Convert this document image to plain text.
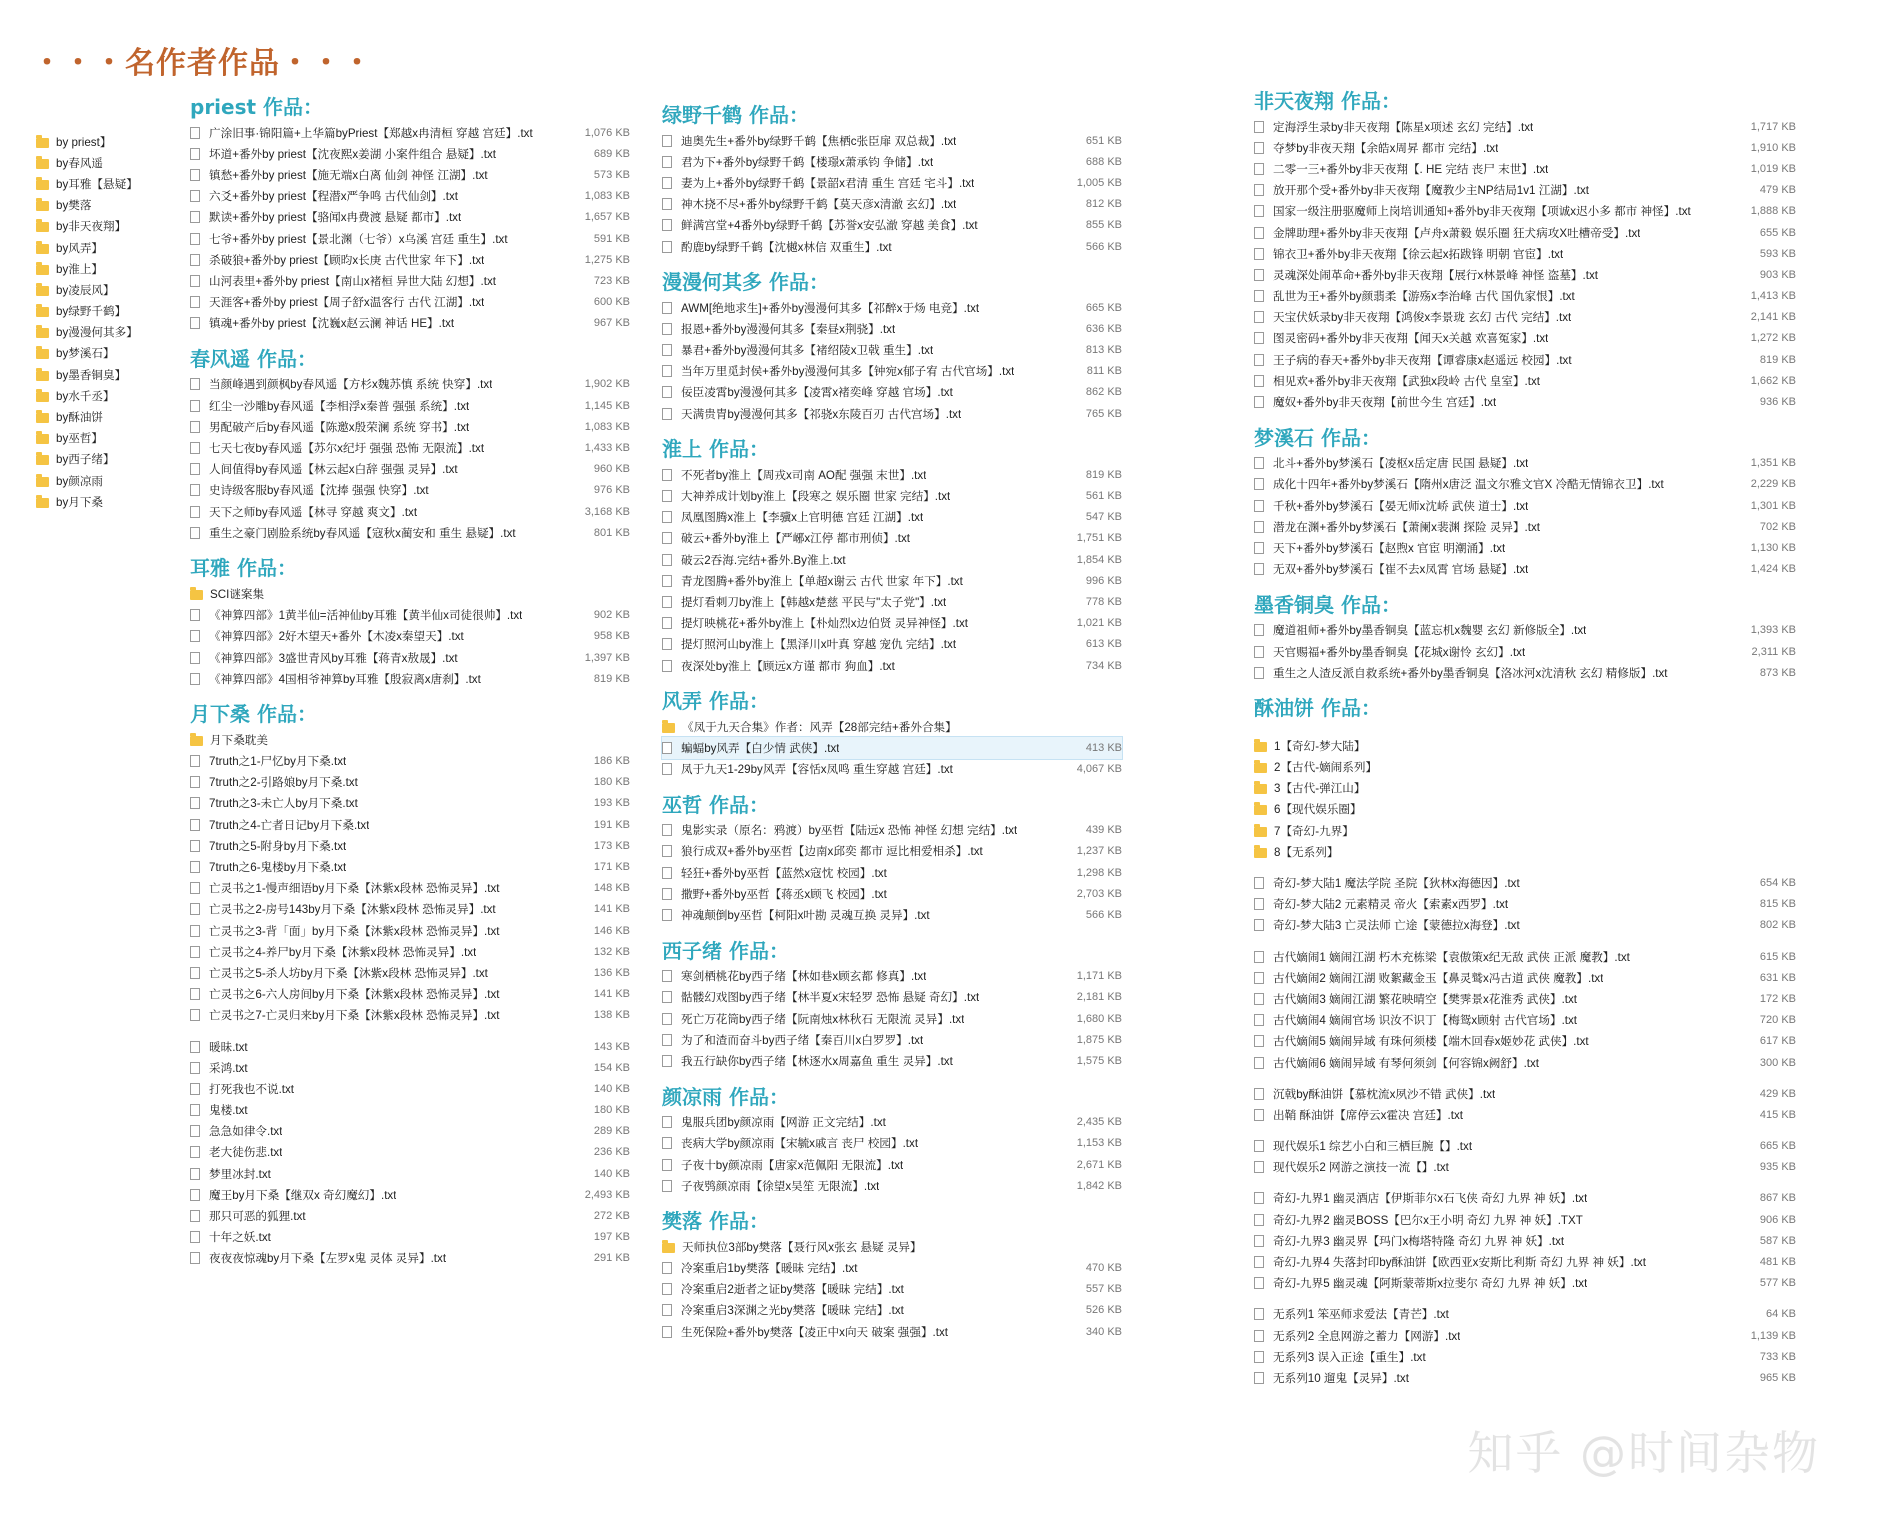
・・・名作者作品・・・
by priest】
by春风遥
by耳雅【悬疑】
by樊落
by非天夜翔】
by风弄】
by淮上】
by凌辰风】
by绿野千鹤】
by漫漫何其多】
by梦溪石】
by墨香铜臭】
by水千丞】
by酥油饼
by巫哲】
by西子绪】
by颜凉雨
by月下桑
priest 作品：
广涂旧事·锦阳篇+上华篇byPriest【郑越x冉清桓 穿越 宫廷】.txt	1,076 KB
坏道+番外by priest【沈夜熙x姜湖 小案件组合 悬疑】.txt	689 KB
镇愁+番外by priest【施无端x白离 仙剑 神怪 江湖】.txt	573 KB
六爻+番外by priest【程潜x严争鸣 古代仙剑】.txt	1,083 KB
默读+番外by priest【骆闻x冉费渡 悬疑 都市】.txt	1,657 KB
七爷+番外by priest【景北渊（七爷）x乌溪 宫廷 重生】.txt	591 KB
杀破狼+番外by priest【顾昀x长庚 古代世家 年下】.txt	1,275 KB
山河表里+番外by priest【南山x褚桓 异世大陆 幻想】.txt	723 KB
天涯客+番外by priest【周子舒x温客行 古代 江湖】.txt	600 KB
镇魂+番外by priest【沈巍x赵云澜 神话 HE】.txt	967 KB
春风遥 作品：
当颜峰遇到颜枫by春风遥【方杉x魏苏慎 系统 快穿】.txt	1,902 KB
红尘一沙雕by春风遥【李相浮x秦普 强强 系统】.txt	1,145 KB
男配破产后by春风遥【陈邀x殷荣澜 系统 穿书】.txt	1,083 KB
七天七夜by春风遥【苏尔x纪圩 强强 恐怖 无限流】.txt	1,433 KB
人间值得by春风遥【林云起x白辞 强强 灵异】.txt	960 KB
史诗级客服by春风遥【沈捧 强强 快穿】.txt	976 KB
天下之师by春风遥【林寻 穿越 爽文】.txt	3,168 KB
重生之豪门剧脸系统by春风遥【寇秋x蔺安和 重生 悬疑】.txt	801 KB
耳雅 作品：
SCI谜案集
《神算四部》1黄半仙=活神仙by耳雅【黄半仙x司徒很帅】.txt	902 KB
《神算四部》2好木望天+番外【木凌x秦望天】.txt	958 KB
《神算四部》3盛世青风by耳雅【蒋青x敖晟】.txt	1,397 KB
《神算四部》4国相爷神算by耳雅【殷寂离x唐刹】.txt	819 KB
月下桑 作品：
月下桑耽美
7truth之1-尸忆by月下桑.txt	186 KB
7truth之2-引路娘by月下桑.txt	180 KB
7truth之3-未亡人by月下桑.txt	193 KB
7truth之4-亡者日记by月下桑.txt	191 KB
7truth之5-附身by月下桑.txt	173 KB
7truth之6-鬼楼by月下桑.txt	171 KB
亡灵书之1-慢声细语by月下桑【沐紫x段林 恐怖灵异】.txt	148 KB
亡灵书之2-房号143by月下桑【沐紫x段林 恐怖灵异】.txt	141 KB
亡灵书之3-背「面」by月下桑【沐紫x段林 恐怖灵异】.txt	146 KB
亡灵书之4-养尸by月下桑【沐紫x段林 恐怖灵异】.txt	132 KB
亡灵书之5-杀人坊by月下桑【沐紫x段林 恐怖灵异】.txt	136 KB
亡灵书之6-六人房间by月下桑【沐紫x段林 恐怖灵异】.txt	141 KB
亡灵书之7-亡灵归来by月下桑【沐紫x段林 恐怖灵异】.txt	138 KB
暖昧.txt	143 KB
采鸿.txt	154 KB
打死我也不说.txt	140 KB
鬼楼.txt	180 KB
急急如律令.txt	289 KB
老大徒伤悲.txt	236 KB
梦里冰封.txt	140 KB
魔王by月下桑【继双x 奇幻魔幻】.txt	2,493 KB
那只可恶的狐狸.txt	272 KB
十年之妖.txt	197 KB
夜夜夜惊魂by月下桑【左罗x鬼 灵体 灵异】.txt	291 KB
绿野千鹤 作品：
迪奥先生+番外by绿野千鹤【焦栖c张臣扉 双总裁】.txt	651 KB
君为下+番外by绿野千鹤【楼璟x萧承钧 争储】.txt	688 KB
妻为上+番外by绿野千鹤【景韶x君清 重生 宫廷 宅斗】.txt	1,005 KB
神木挠不尽+番外by绿野千鹤【莫天彦x清澈 玄幻】.txt	812 KB
鲜满宫堂+4番外by绿野千鹤【苏誉x安弘澈 穿越 美食】.txt	855 KB
酌鹿by绿野千鹤【沈樾x林信 双重生】.txt	566 KB
漫漫何其多 作品：
AWM[绝地求生]+番外by漫漫何其多【祁醉x于炀 电竞】.txt	665 KB
报恩+番外by漫漫何其多【秦昼x荆骁】.txt	636 KB
暴君+番外by漫漫何其多【褚绍陵x卫戟 重生】.txt	813 KB
当年万里觅封侯+番外by漫漫何其多【钟宛x郁子宥 古代官场】.txt	811 KB
佞臣凌霄by漫漫何其多【凌霄x褚奕峰 穿越 官场】.txt	862 KB
天满贵胄by漫漫何其多【祁骁x东陵百刃 古代宫场】.txt	765 KB
淮上 作品：
不死者by淮上【周戎x司南 AO配 强强 末世】.txt	819 KB
大神养成计划by淮上【段寒之 娱乐圈 世家 完结】.txt	561 KB
凤凰图腾x淮上【李骥x上官明德 宫廷 江湖】.txt	547 KB
破云+番外by淮上【严峫x江停 都市刑侦】.txt	1,751 KB
破云2吞海.完结+番外.By淮上.txt	1,854 KB
青龙图腾+番外by淮上【单超x谢云 古代 世家 年下】.txt	996 KB
提灯看刺刀by淮上【韩越x楚慈 平民与"太子党"】.txt	778 KB
提灯映桃花+番外by淮上【朴灿烈x边伯贤 灵异神怪】.txt	1,021 KB
提灯照河山by淮上【黑泽川x叶真 穿越 宠仇 完结】.txt	613 KB
夜深处by淮上【顾远x方谨 都市 狗血】.txt	734 KB
风弄 作品：
《凤于九天合集》作者：风弄【28部完结+番外合集】
蝙蝠by风弄【白少情 武侠】.txt	413 KB
凤于九天1-29by风弄【容恬x凤鸣 重生穿越 宫廷】.txt	4,067 KB
巫哲 作品：
鬼影实录（原名：鸦渡）by巫哲【陆远x 恐怖 神怪 幻想 完结】.txt	439 KB
狼行成双+番外by巫哲【边南x邱奕 都市 逗比相爱相杀】.txt	1,237 KB
轻狂+番外by巫哲【蓝然x寇忱 校园】.txt	1,298 KB
撒野+番外by巫哲【蒋丞x顾飞 校园】.txt	2,703 KB
神魂颠倒by巫哲【柯阳x叶勘 灵魂互换 灵异】.txt	566 KB
西子绪 作品：
寒剑栖桃花by西子绪【林如巷x顾玄都 修真】.txt	1,171 KB
骷髅幻戏图by西子绪【林半夏x宋轻罗 恐怖 悬疑 奇幻】.txt	2,181 KB
死亡万花筒by西子绪【阮南烛x林秋石 无限流 灵异】.txt	1,680 KB
为了和渣而奋斗by西子绪【秦百川x白罗罗】.txt	1,875 KB
我五行缺你by西子绪【林逐水x周嘉鱼 重生 灵异】.txt	1,575 KB
颜凉雨 作品：
鬼服兵团by颜凉雨【网游 正文完结】.txt	2,435 KB
丧病大学by颜凉雨【宋毓x戚言 丧尸 校园】.txt	1,153 KB
子夜十by颜凉雨【唐家x范佩阳 无限流】.txt	2,671 KB
子夜鸮颜凉雨【徐望x吴笙 无限流】.txt	1,842 KB
樊落 作品：
天师执位3部by樊落【聂行风x张玄 悬疑 灵异】
冷案重启1by樊落【暖昧 完结】.txt	470 KB
冷案重启2逝者之证by樊落【暖昧 完结】.txt	557 KB
冷案重启3深渊之光by樊落【暖昧 完结】.txt	526 KB
生死保险+番外by樊落【凌正中x向天 破案 强强】.txt	340 KB
非天夜翔 作品：
定海浮生录by非天夜翔【陈星x项述 玄幻 完结】.txt	1,717 KB
夺梦by非夜天翔【余皓x周昇 都市 完结】.txt	1,910 KB
二零一三+番外by非天夜翔【. HE 完结 丧尸 末世】.txt	1,019 KB
放开那个受+番外by非天夜翔【魔教少主NP结局1v1 江湖】.txt	479 KB
国家一级注册驱魔师上岗培训通知+番外by非天夜翔【项诚x迟小多 都市 神怪】.txt	1,888 KB
金牌助理+番外by非天夜翔【卢舟x萧毅 娱乐圈 狂犬病攻X吐槽帝受】.txt	655 KB
锦衣卫+番外by非天夜翔【徐云起x拓跋锋 明朝 官宦】.txt	593 KB
灵魂深处闹革命+番外by非天夜翔【展行x林景峰 神怪 盗墓】.txt	903 KB
乱世为王+番外by颜翡柔【游殇x李治峰 古代 国仇家恨】.txt	1,413 KB
天宝伏妖录by非天夜翔【鸿俊x李景珑 玄幻 古代 完结】.txt	2,141 KB
图灵密码+番外by非天夜翔【闻天x关越 欢喜冤家】.txt	1,272 KB
王子病的春天+番外by非天夜翔【谭睿康x赵遥远 校园】.txt	819 KB
相见欢+番外by非天夜翔【武独x段岭 古代 皇室】.txt	1,662 KB
魔奴+番外by非天夜翔【前世今生 宫廷】.txt	936 KB
梦溪石 作品：
北斗+番外by梦溪石【凌枢x岳定唐 民国 悬疑】.txt	1,351 KB
成化十四年+番外by梦溪石【隋州x唐泛 温文尔雅文官X 冷酷无情锦衣卫】.txt	2,229 KB
千秋+番外by梦溪石【晏无师x沈峤 武侠 道士】.txt	1,301 KB
潜龙在渊+番外by梦溪石【萧阑x裴渊 探险 灵异】.txt	702 KB
天下+番外by梦溪石【赵煦x 官宦 明潮涌】.txt	1,130 KB
无双+番外by梦溪石【崔不去x凤霄 官场 悬疑】.txt	1,424 KB
墨香铜臭 作品：
魔道祖师+番外by墨香铜臭【蓝忘机x魏婴 玄幻 新修版全】.txt	1,393 KB
天官赐福+番外by墨香铜臭【花城x谢怜 玄幻】.txt	2,311 KB
重生之人渣反派自救系统+番外by墨香铜臭【洛冰河x沈清秋 玄幻 精修版】.txt	873 KB
酥油饼 作品：
1【奇幻-梦大陆】
2【古代-嫡闹系列】
3【古代-弹江山】
6【现代娱乐圈】
7【奇幻-九界】
8【无系列】
奇幻-梦大陆1 魔法学院 圣院【狄林x海德因】.txt	654 KB
奇幻-梦大陆2 元素精灵 帝火【索素x西罗】.txt	815 KB
奇幻-梦大陆3 亡灵法师 亡途【蒙德拉x海登】.txt	802 KB
古代嫡闹1 嫡闹江湖 朽木充栋梁【袁傲策x纪无敌 武侠 正派 魔教】.txt	615 KB
古代嫡闹2 嫡闹江湖 败絮藏金玉【鼻灵鹫x冯古道 武侠 魔教】.txt	631 KB
古代嫡闹3 嫡闹江湖 繁花映晴空【樊霁景x花淮秀 武侠】.txt	172 KB
古代嫡闹4 嫡闹官场 识汝不识丁【梅鸳x顾射 古代官场】.txt	720 KB
古代嫡闹5 嫡闹异域 有珠何须楼【端木回春x姬妙花 武侠】.txt	617 KB
古代嫡闹6 嫡闹异域 有琴何须剑【何容锦x阙舒】.txt	300 KB
沉戟by酥油饼【慕枕流x夙沙不错 武侠】.txt	429 KB
出鞘 酥油饼【席停云x霍决 宫廷】.txt	415 KB
现代娱乐1 综艺小白和三栖巨腕【】.txt	665 KB
现代娱乐2 网游之演技一流【】.txt	935 KB
奇幻-九界1 幽灵酒店【伊斯菲尔x石飞侠 奇幻 九界 神 妖】.txt	867 KB
奇幻-九界2 幽灵BOSS【巴尔x王小明 奇幻 九界 神 妖】.TXT	906 KB
奇幻-九界3 幽灵界【玛门x梅塔特隆 奇幻 九界 神 妖】.txt	587 KB
奇幻-九界4 失落封印by酥油饼【欧西亚x安斯比利斯 奇幻 九界 神 妖】.txt	481 KB
奇幻-九界5 幽灵魂【阿斯蒙蒂斯x拉斐尔 奇幻 九界 神 妖】.txt	577 KB
无系列1 笨巫师求爱法【青芒】.txt	64 KB
无系列2 全息网游之蓄力【网游】.txt	1,139 KB
无系列3 误入正途【重生】.txt	733 KB
无系列10 遛鬼【灵异】.txt	965 KB
知乎 @时间杂物
